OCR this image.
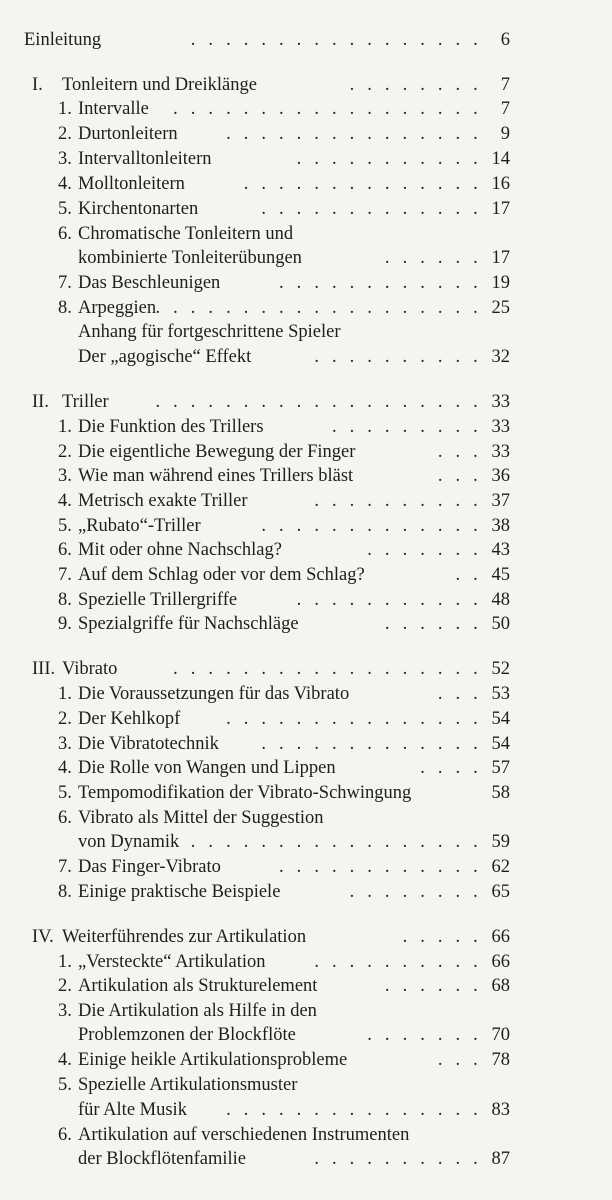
Einleitung	. . . . . . . . . . . . . . . . .	6
I. Tonleitern und Dreiklänge	. . . . . . . .	7
1. Intervalle . . . . . . . . . . . . . . . . . .	7
2. Durtonleitern	. . . . . . . . . . . . . . .	9
3. Intervalltonleitern	. . . . . . . . . . . 14
4. Molltonleitern	. . . . . . . . . . . . . . 16
5. Kirchentonarten	. . . . . . . . . . . . . 17
6. Chromatische Tonleitern und
kombinierte Tonleiterübungen	. . . . . . 17
7. Das Beschleunigen	. . . . . . . . . . . . 19
8. Arpeggien . . . . . . . . . . . . . . . . . . . 25
Anhang für fortgeschrittene Spieler
Der „agogische“ Effekt	. . . . . . . . . . 32
II. Triller	. . . . . . . . . . . . . . . . . . . 33
1. Die Funktion des Trillers	. . . . . . . . . 33
2. Die eigentliche Bewegung der Finger	. . . 33
3. Wie man während eines Trillers bläst	. . . 36
4. Metrisch exakte Triller	. . . . . . . . . . 37
5. „Rubato“-Triller	. . . . . . . . . . . . . 38
6. Mit oder ohne Nachschlag?	. . . . . . . 43
7. Auf dem Schlag oder vor dem Schlag?	. . 45
8. Spezielle Trillergriffe	. . . . . . . . . . . 48
9. Spezialgriffe für Nachschläge	. . . . . . 50
III. Vibrato	. . . . . . . . . . . . . . . . . . 52
1. Die Voraussetzungen für das Vibrato	. . . 53
2. Der Kehlkopf . . . . . . . . . . . . . . . 54
3. Die Vibratotechnik . . . . . . . . . . . . . 54
4. Die Rolle von Wangen und Lippen	. . . . 57
5. Tempomodifikation der Vibrato-Schwingung	58
6. Vibrato als Mittel der Suggestion
von Dynamik . . . . . . . . . . . . . . . . . 59
7. Das Finger-Vibrato	. . . . . . . . . . . . 62
8. Einige praktische Beispiele	. . . . . . . . 65
IV. Weiterführendes zur Artikulation	. . . . . 66
1. „Versteckte“ Artikulation	. . . . . . . . . . 66
2. Artikulation als Strukturelement	. . . . . . 68
3. Die Artikulation als Hilfe in den
Problemzonen der Blockflöte	. . . . . . . 70
4. Einige heikle Artikulationsprobleme	. . . 78
5. Spezielle Artikulationsmuster
für Alte Musik . . . . . . . . . . . . . . . 83
6. Artikulation auf verschiedenen Instrumenten
der Blockflötenfamilie	. . . . . . . . . . 87
